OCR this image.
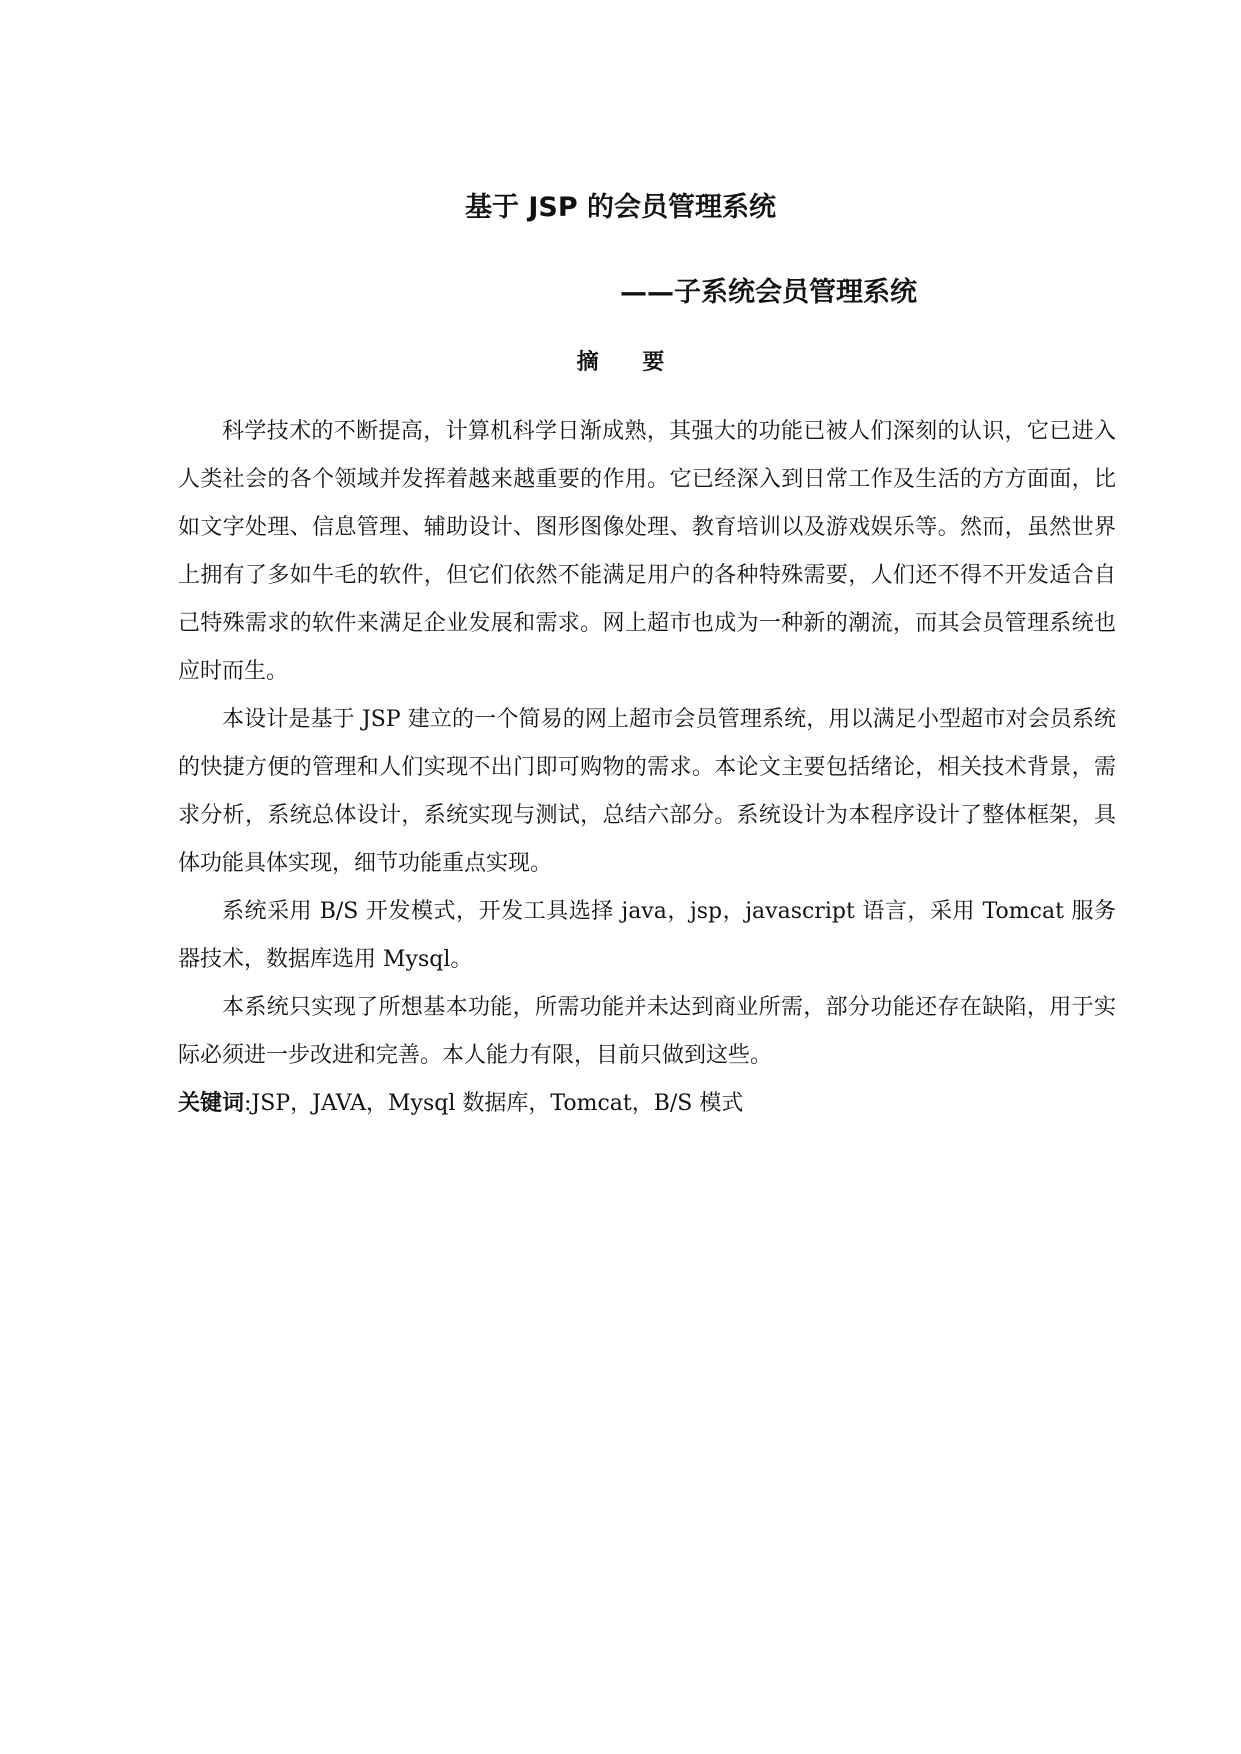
基于 JSP 的会员管理系统
——子系统会员管理系统
摘 要

科学技术的不断提高，计算机科学日渐成熟，其强大的功能已被人们深刻的认识，它已进入人类社会的各个领域并发挥着越来越重要的作用。它已经深入到日常工作及生活的方方面面，比如文字处理、信息管理、辅助设计、图形图像处理、教育培训以及游戏娱乐等。然而，虽然世界上拥有了多如牛毛的软件，但它们依然不能满足用户的各种特殊需要，人们还不得不开发适合自己特殊需求的软件来满足企业发展和需求。网上超市也成为一种新的潮流，而其会员管理系统也应时而生。

本设计是基于 JSP 建立的一个简易的网上超市会员管理系统，用以满足小型超市对会员系统的快捷方便的管理和人们实现不出门即可购物的需求。本论文主要包括绪论，相关技术背景，需求分析，系统总体设计，系统实现与测试，总结六部分。系统设计为本程序设计了整体框架，具体功能具体实现，细节功能重点实现。

系统采用 B/S 开发模式，开发工具选择 java，jsp，javascript 语言，采用 Tomcat 服务器技术，数据库选用 Mysql。

本系统只实现了所想基本功能，所需功能并未达到商业所需，部分功能还存在缺陷，用于实际必须进一步改进和完善。本人能力有限，目前只做到这些。

关键词:JSP，JAVA，Mysql 数据库，Tomcat，B/S 模式
